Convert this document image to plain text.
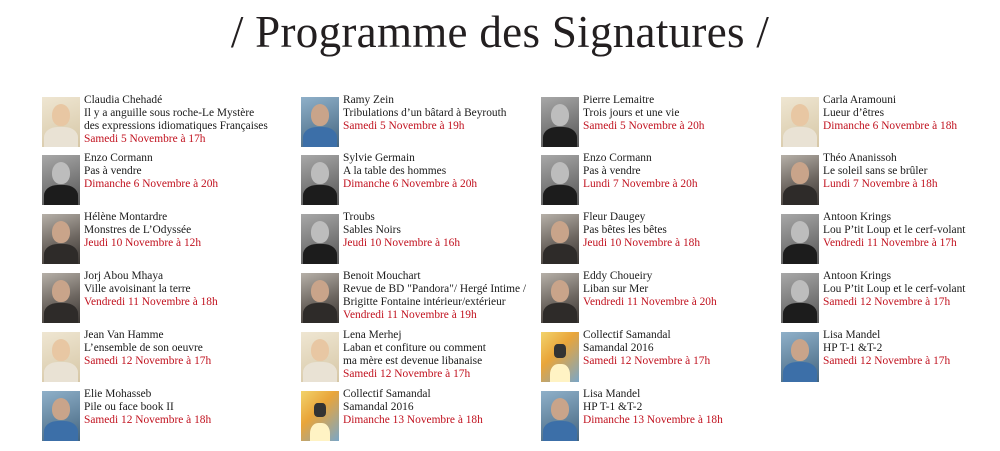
/ Programme des Signatures /
Claudia Chehadé
Il y a anguille sous roche-Le Mystère
des expressions idiomatiques Françaises
Samedi 5 Novembre à 17h
Enzo Cormann
Pas à vendre
Dimanche 6 Novembre à 20h
Hélène Montardre
Monstres de L’Odyssée
Jeudi 10 Novembre à 12h
Jorj Abou Mhaya
Ville avoisinant la terre
Vendredi 11 Novembre à 18h
Jean Van Hamme
L’ensemble de son oeuvre
Samedi 12 Novembre à 17h
Elie Mohasseb
Pile ou face book II
Samedi 12 Novembre à 18h
Ramy Zein
Tribulations d’un bâtard à Beyrouth
Samedi 5 Novembre à 19h
Sylvie Germain
A la table des hommes
Dimanche 6 Novembre à 20h
Troubs
Sables Noirs
Jeudi 10 Novembre à 16h
Benoit Mouchart
Revue de BD "Pandora"/ Hergé Intime /
Brigitte Fontaine intérieur/extérieur
Vendredi 11 Novembre à 19h
Lena Merhej
Laban et confiture ou comment
ma mère est devenue libanaise
Samedi 12 Novembre à 17h
Collectif Samandal
Samandal 2016
Dimanche 13 Novembre à 18h
Pierre Lemaitre
Trois jours et une vie
Samedi 5 Novembre à 20h
Enzo Cormann
Pas à vendre
Lundi 7 Novembre à 20h
Fleur Daugey
Pas bêtes les bêtes
Jeudi 10 Novembre à 18h
Eddy Choueiry
Liban sur Mer
Vendredi 11 Novembre à 20h
Collectif Samandal
Samandal 2016
Samedi 12 Novembre à 17h
Lisa Mandel
HP T-1 &T-2
Dimanche 13 Novembre à 18h
Carla Aramouni
Lueur d’êtres
Dimanche 6 Novembre à 18h
Théo Ananissoh
Le soleil sans se brûler
Lundi 7 Novembre à 18h
Antoon Krings
Lou P’tit Loup et le cerf-volant
Vendredi 11 Novembre à 17h
Antoon Krings
Lou P’tit Loup et le cerf-volant
Samedi 12 Novembre à 17h
Lisa Mandel
HP T-1 &T-2
Samedi 12 Novembre à 17h
